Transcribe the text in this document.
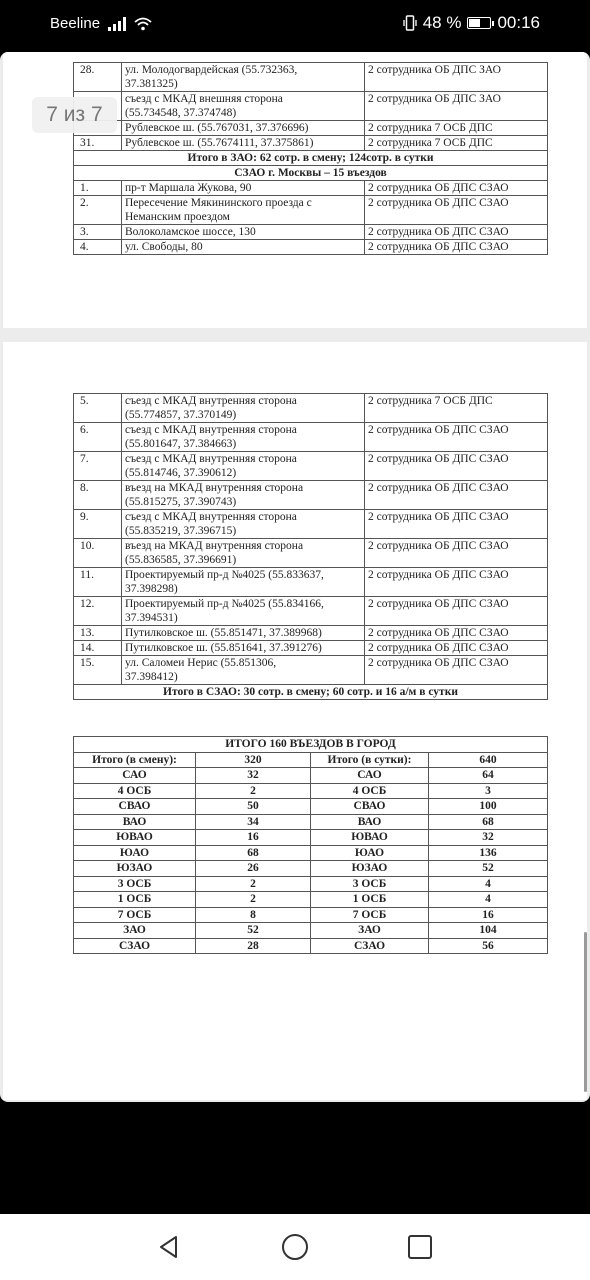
Beeline	48 % 00:16
7 из 7
28.	ул. Молодогвардейская (55.732363,
37.381325)	2 сотрудника ОБ ДПС ЗАО

	съезд с МКАД внешняя сторона
(55.734548, 37.374748)	2 сотрудника ОБ ДПС ЗАО

	Рублевское ш. (55.767031, 37.376696)	2 сотрудника 7 ОСБ ДПС
31.	Рублевское ш. (55.7674111, 37.375861)	2 сотрудника 7 ОСБ ДПС
Итого в ЗАО: 62 сотр. в смену; 124сотр. в сутки		
СЗАО г. Москвы – 15 въездов		
1.	пр-т Маршала Жукова, 90	2 сотрудника ОБ ДПС СЗАО
2.	Пересечение Мякининского проезда с
Неманским проездом	2 сотрудника ОБ ДПС СЗАО
3.	Волоколамское шоссе, 130	2 сотрудника ОБ ДПС СЗАО
4.	ул. Свободы, 80	2 сотрудника ОБ ДПС СЗАО
5.	съезд с МКАД внутренняя сторона
(55.774857, 37.370149)	2 сотрудника 7 ОСБ ДПС
6.	съезд с МКАД внутренняя сторона
(55.801647, 37.384663)	2 сотрудника ОБ ДПС СЗАО
7.	съезд с МКАД внутренняя сторона
(55.814746, 37.390612)	2 сотрудника ОБ ДПС СЗАО
8.	въезд на МКАД внутренняя сторона
(55.815275, 37.390743)	2 сотрудника ОБ ДПС СЗАО
9.	съезд с МКАД внутренняя сторона
(55.835219, 37.396715)	2 сотрудника ОБ ДПС СЗАО
10.	въезд на МКАД внутренняя сторона
(55.836585, 37.396691)	2 сотрудника ОБ ДПС СЗАО
11.	Проектируемый пр-д №4025 (55.833637,
37.398298)	2 сотрудника ОБ ДПС СЗАО
12.	Проектируемый пр-д №4025 (55.834166,
37.394531)	2 сотрудника ОБ ДПС СЗАО
13.	Путилковское ш. (55.851471, 37.389968)	2 сотрудника ОБ ДПС СЗАО
14.	Путилковское ш. (55.851641, 37.391276)	2 сотрудника ОБ ДПС СЗАО
15.	ул. Саломеи Нерис (55.851306,
37.398412)	2 сотрудника ОБ ДПС СЗАО
Итого в СЗАО: 30 сотр. в смену; 60 сотр. и 16 а/м в сутки		
ИТОГО 160 ВЪЕЗДОВ В ГОРОД			
Итого (в смену):	320	Итого (в сутки):	640
САО	32	САО	64
4 ОСБ	2	4 ОСБ	3
СВАО	50	СВАО	100
ВАО	34	ВАО	68
ЮВАО	16	ЮВАО	32
ЮАО	68	ЮАО	136
ЮЗАО	26	ЮЗАО	52
3 ОСБ	2	3 ОСБ	4
1 ОСБ	2	1 ОСБ	4
7 ОСБ	8	7 ОСБ	16
ЗАО	52	ЗАО	104
СЗАО	28	СЗАО	56
